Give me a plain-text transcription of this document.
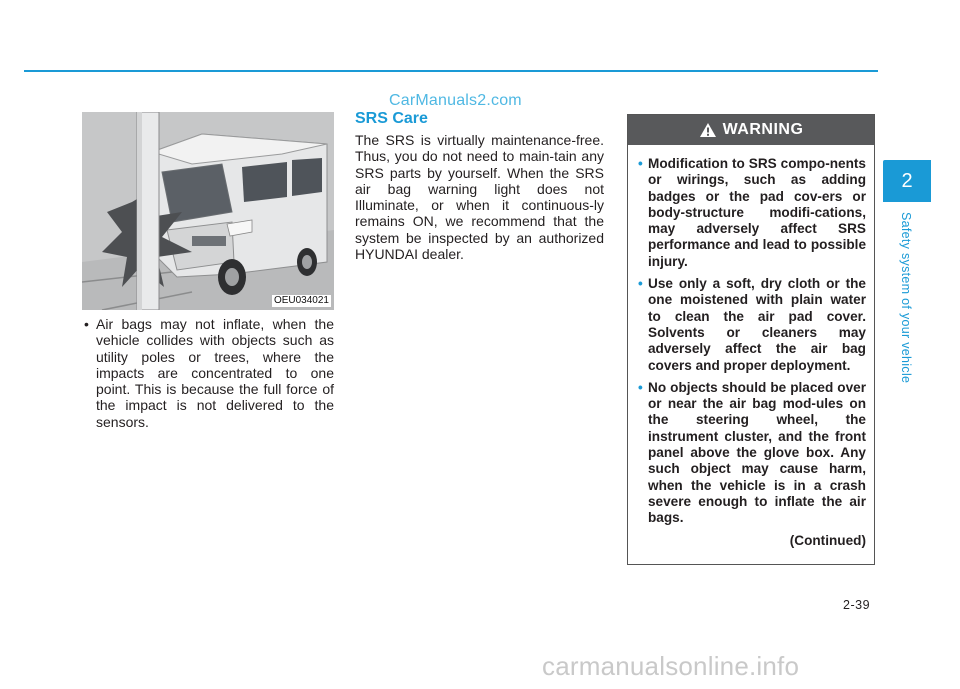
CarManuals2.com
OEU034021
• Air bags may not inflate, when the vehicle collides with objects such as utility poles or trees, where the impacts are concentrated to one point. This is because the full force of the impact is not delivered to the sensors.
SRS Care

The SRS is virtually maintenance-free. Thus, you do not need to main-tain any SRS parts by yourself. When the SRS air bag warning light does not Illuminate, or when it continuous-ly remains ON, we recommend that the system be inspected by an authorized HYUNDAI dealer.

WARNING
• Modification to SRS compo-nents or wirings, such as adding badges or the pad cov-ers or body-structure modifi-cations, may adversely affect SRS performance and lead to possible injury.
• Use only a soft, dry cloth or the one moistened with plain water to clean the air pad cover. Solvents or cleaners may adversely affect the air bag covers and proper deployment.
• No objects should be placed over or near the air bag mod-ules on the steering wheel, the instrument cluster, and the front panel above the glove box. Any such object may cause harm, when the vehicle is in a crash severe enough to inflate the air bags.
(Continued)
2
Safety system of your vehicle
2-39
carmanualsonline.info
